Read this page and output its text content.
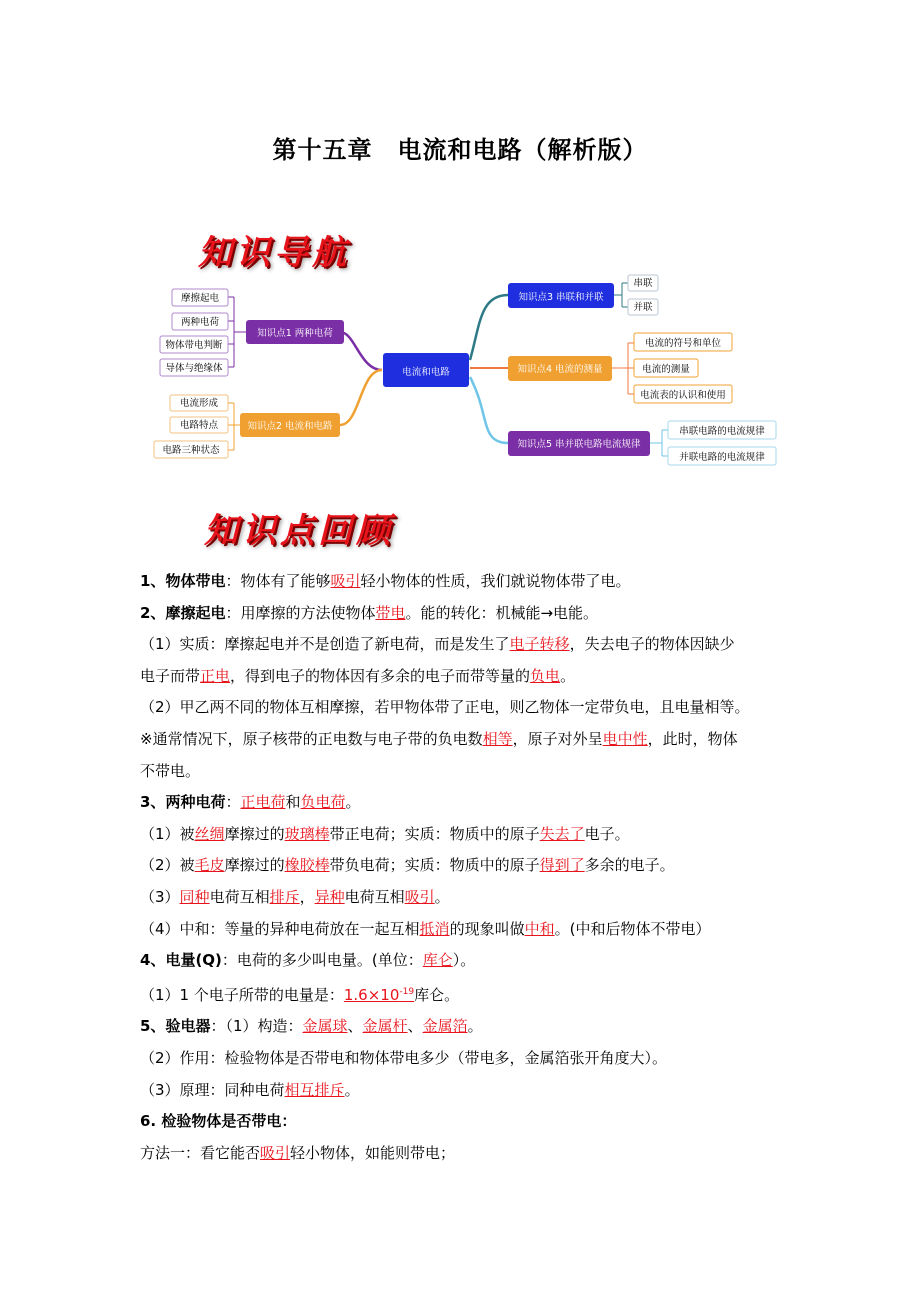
第十五章　电流和电路（解析版）
知识导航
电流和电路
知识点1 两种电荷
摩擦起电
两种电荷
物体带电判断
导体与绝缘体
知识点2 电流和电路
电流形成
电路特点
电路三种状态
知识点3 串联和并联
串联
并联
知识点4 电流的测量
电流的符号和单位
电流的测量
电流表的认识和使用
知识点5 串并联电路电流规律
串联电路的电流规律
并联电路的电流规律
知识点回顾
1、物体带电：物体有了能够吸引轻小物体的性质，我们就说物体带了电。
2、摩擦起电：用摩擦的方法使物体带电。能的转化：机械能→电能。
（1）实质：摩擦起电并不是创造了新电荷，而是发生了电子转移，失去电子的物体因缺少
电子而带正电，得到电子的物体因有多余的电子而带等量的负电。
（2）甲乙两不同的物体互相摩擦，若甲物体带了正电，则乙物体一定带负电，且电量相等。
※通常情况下，原子核带的正电数与电子带的负电数相等，原子对外呈电中性，此时，物体
不带电。
3、两种电荷：正电荷和负电荷。
（1）被丝绸摩擦过的玻璃棒带正电荷；实质：物质中的原子失去了电子。
（2）被毛皮摩擦过的橡胶棒带负电荷；实质：物质中的原子得到了多余的电子。
（3）同种电荷互相排斥，异种电荷互相吸引。
（4）中和：等量的异种电荷放在一起互相抵消的现象叫做中和。(中和后物体不带电）
4、电量(Q)：电荷的多少叫电量。(单位：库仑）。
（1）1 个电子所带的电量是：$1.6\times 10^{-19}$库仑。
5、验电器：（1）构造：金属球、金属杆、金属箔。
（2）作用：检验物体是否带电和物体带电多少（带电多，金属箔张开角度大）。
（3）原理：同种电荷相互排斥。
6. 检验物体是否带电：
方法一：看它能否吸引轻小物体，如能则带电；
